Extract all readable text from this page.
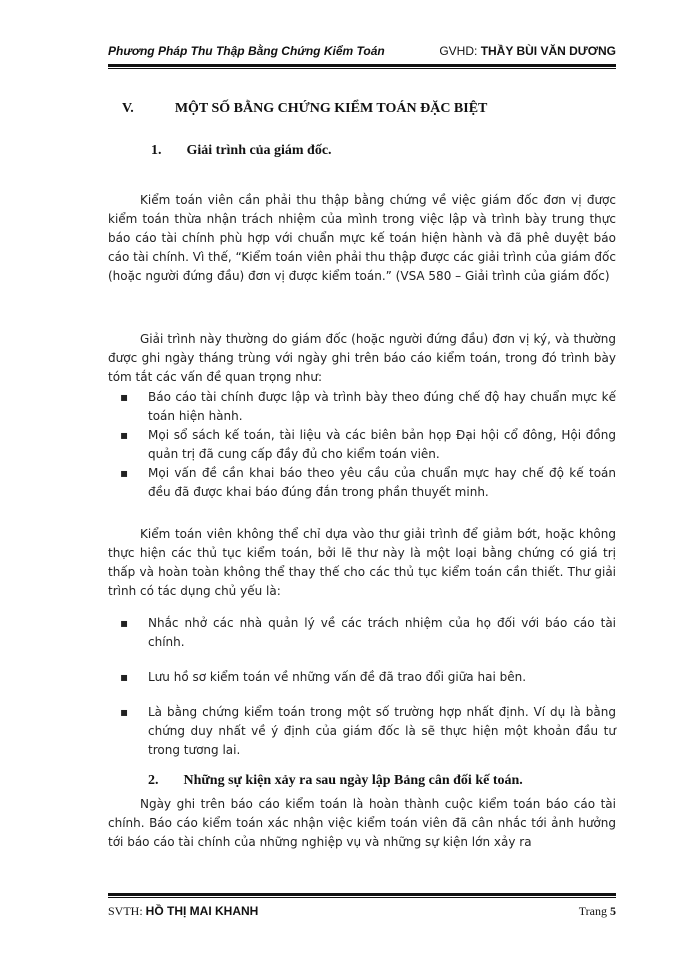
Phương Pháp Thu Thập Bằng Chứng Kiểm Toán	GVHD: THẦY BÙI VĂN DƯƠNG
V.	MỘT SỐ BẰNG CHỨNG KIỂM TOÁN ĐẶC BIỆT
1. Giải trình của giám đốc.

Kiểm toán viên cần phải thu thập bằng chứng về việc giám đốc đơn vị được kiểm toán thừa nhận trách nhiệm của mình trong việc lập và trình bày trung thực báo cáo tài chính phù hợp với chuẩn mực kế toán hiện hành và đã phê duyệt báo cáo tài chính. Vì thế, “Kiểm toán viên phải thu thập được các giải trình của giám đốc (hoặc người đứng đầu) đơn vị được kiểm toán.” (VSA 580 – Giải trình của giám đốc)

Giải trình này thường do giám đốc (hoặc người đứng đầu) đơn vị ký, và thường được ghi ngày tháng trùng với ngày ghi trên báo cáo kiểm toán, trong đó trình bày tóm tắt các vấn đề quan trọng như:

▪ Báo cáo tài chính được lập và trình bày theo đúng chế độ hay chuẩn mực kế toán hiện hành.
▪ Mọi sổ sách kế toán, tài liệu và các biên bản họp Đại hội cổ đông, Hội đồng quản trị đã cung cấp đầy đủ cho kiểm toán viên.
▪ Mọi vấn đề cần khai báo theo yêu cầu của chuẩn mực hay chế độ kế toán đều đã được khai báo đúng đắn trong phần thuyết minh.

Kiểm toán viên không thể chỉ dựa vào thư giải trình để giảm bớt, hoặc không thực hiện các thủ tục kiểm toán, bởi lẽ thư này là một loại bằng chứng có giá trị thấp và hoàn toàn không thể thay thế cho các thủ tục kiểm toán cần thiết. Thư giải trình có tác dụng chủ yếu là:

▪ Nhắc nhở các nhà quản lý về các trách nhiệm của họ đối với báo cáo tài chính.
▪ Lưu hồ sơ kiểm toán về những vấn đề đã trao đổi giữa hai bên.
▪ Là bằng chứng kiểm toán trong một số trường hợp nhất định. Ví dụ là bằng chứng duy nhất về ý định của giám đốc là sẽ thực hiện một khoản đầu tư trong tương lai.
2. Những sự kiện xảy ra sau ngày lập Bảng cân đối kế toán.

Ngày ghi trên báo cáo kiểm toán là hoàn thành cuộc kiểm toán báo cáo tài chính. Báo cáo kiểm toán xác nhận việc kiểm toán viên đã cân nhắc tới ảnh hưởng tới báo cáo tài chính của những nghiệp vụ và những sự kiện lớn xảy ra

SVTH: HỒ THỊ MAI KHANH	Trang 5
